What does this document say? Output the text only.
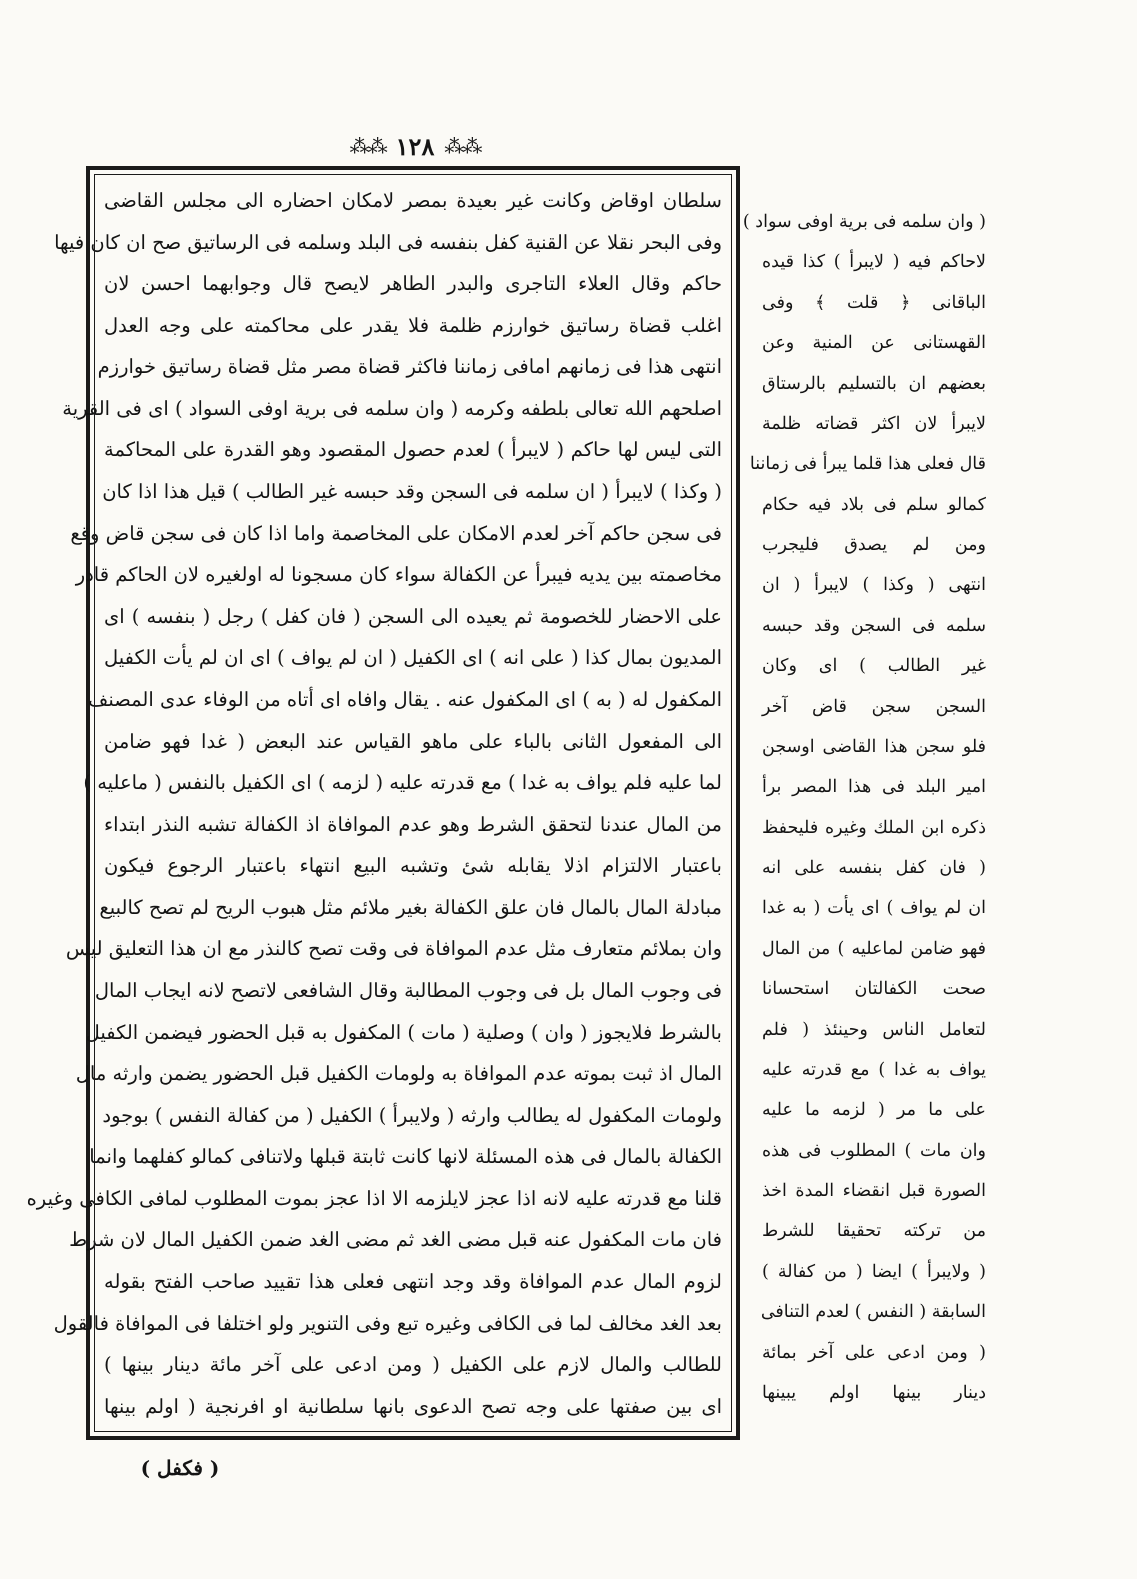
⁂⁂ ١٢٨ ⁂⁂
سلطان اوقاض وكانت غير بعيدة بمصر لامكان احضاره الى مجلس القاضى
وفى البحر نقلا عن القنية كفل بنفسه فى البلد وسلمه فى الرساتيق صح ان كان فيها
حاكم وقال العلاء التاجرى والبدر الطاهر لايصح قال وجوابهما احسن لان
اغلب قضاة رساتيق خوارزم ظلمة فلا يقدر على محاكمته على وجه العدل
انتهى هذا فى زمانهم امافى زماننا فاكثر قضاة مصر مثل قضاة رساتيق خوارزم
اصلحهم الله تعالى بلطفه وكرمه ( وان سلمه فى برية اوفى السواد ) اى فى القرية
التى ليس لها حاكم ( لايبرأ ) لعدم حصول المقصود وهو القدرة على المحاكمة
( وكذا ) لايبرأ ( ان سلمه فى السجن وقد حبسه غير الطالب ) قيل هذا اذا كان
فى سجن حاكم آخر لعدم الامكان على المخاصمة واما اذا كان فى سجن قاض وقع
مخاصمته بين يديه فيبرأ عن الكفالة سواء كان مسجونا له اولغيره لان الحاكم قادر
على الاحضار للخصومة ثم يعيده الى السجن ( فان كفل ) رجل ( بنفسه ) اى
المديون بمال كذا ( على انه ) اى الكفيل ( ان لم يواف ) اى ان لم يأت الكفيل
المكفول له ( به ) اى المكفول عنه . يقال وافاه اى أتاه من الوفاء عدى المصنف
الى المفعول الثانى بالباء على ماهو القياس عند البعض ( غدا فهو ضامن
لما عليه فلم يواف به غدا ) مع قدرته عليه ( لزمه ) اى الكفيل بالنفس ( ماعليه )
من المال عندنا لتحقق الشرط وهو عدم الموافاة اذ الكفالة تشبه النذر ابتداء
باعتبار الالتزام اذلا يقابله شئ وتشبه البيع انتهاء باعتبار الرجوع فيكون
مبادلة المال بالمال فان علق الكفالة بغير ملائم مثل هبوب الريح لم تصح كالبيع
وان بملائم متعارف مثل عدم الموافاة فى وقت تصح كالنذر مع ان هذا التعليق ليس
فى وجوب المال بل فى وجوب المطالبة وقال الشافعى لاتصح لانه ايجاب المال
بالشرط فلايجوز ( وان ) وصلية ( مات ) المكفول به قبل الحضور فيضمن الكفيل
المال اذ ثبت بموته عدم الموافاة به ولومات الكفيل قبل الحضور يضمن وارثه مال
ولومات المكفول له يطالب وارثه ( ولايبرأ ) الكفيل ( من كفالة النفس ) بوجود
الكفالة بالمال فى هذه المسئلة لانها كانت ثابتة قبلها ولاتنافى كمالو كفلهما وانما
قلنا مع قدرته عليه لانه اذا عجز لايلزمه الا اذا عجز بموت المطلوب لمافى الكافى وغيره
فان مات المكفول عنه قبل مضى الغد ثم مضى الغد ضمن الكفيل المال لان شرط
لزوم المال عدم الموافاة وقد وجد انتهى فعلى هذا تقييد صاحب الفتح بقوله
بعد الغد مخالف لما فى الكافى وغيره تبع وفى التنوير ولو اختلفا فى الموافاة فالقول
للطالب والمال لازم على الكفيل ( ومن ادعى على آخر مائة دينار بينها )
اى بين صفتها على وجه تصح الدعوى بانها سلطانية او افرنجية ( اولم بينها
( وان سلمه فى برية اوفى سواد )
لاحاكم فيه ( لايبرأ ) كذا قيده
الباقانى ﴿ قلت ﴾ وفى
القهستانى عن المنية وعن
بعضهم ان بالتسليم بالرستاق
لايبرأ لان اكثر قضاته ظلمة
قال فعلى هذا قلما يبرأ فى زماننا
كمالو سلم فى بلاد فيه حكام
ومن لم يصدق فليجرب
انتهى ( وكذا ) لايبرأ ( ان
سلمه فى السجن وقد حبسه
غير الطالب ) اى وكان
السجن سجن قاض آخر
فلو سجن هذا القاضى اوسجن
امير البلد فى هذا المصر برأ
ذكره ابن الملك وغيره فليحفظ
( فان كفل بنفسه على انه
ان لم يواف ) اى يأت ( به غدا
فهو ضامن لماعليه ) من المال
صحت الكفالتان استحسانا
لتعامل الناس وحينئذ ( فلم
يواف به غدا ) مع قدرته عليه
على ما مر ( لزمه ما عليه
وان مات ) المطلوب فى هذه
الصورة قبل انقضاء المدة اخذ
من تركته تحقيقا للشرط
( ولايبرأ ) ايضا ( من كفالة )
السابقة ( النفس ) لعدم التنافى
( ومن ادعى على آخر بمائة
دينار بينها اولم يبينها
( فكفل )
